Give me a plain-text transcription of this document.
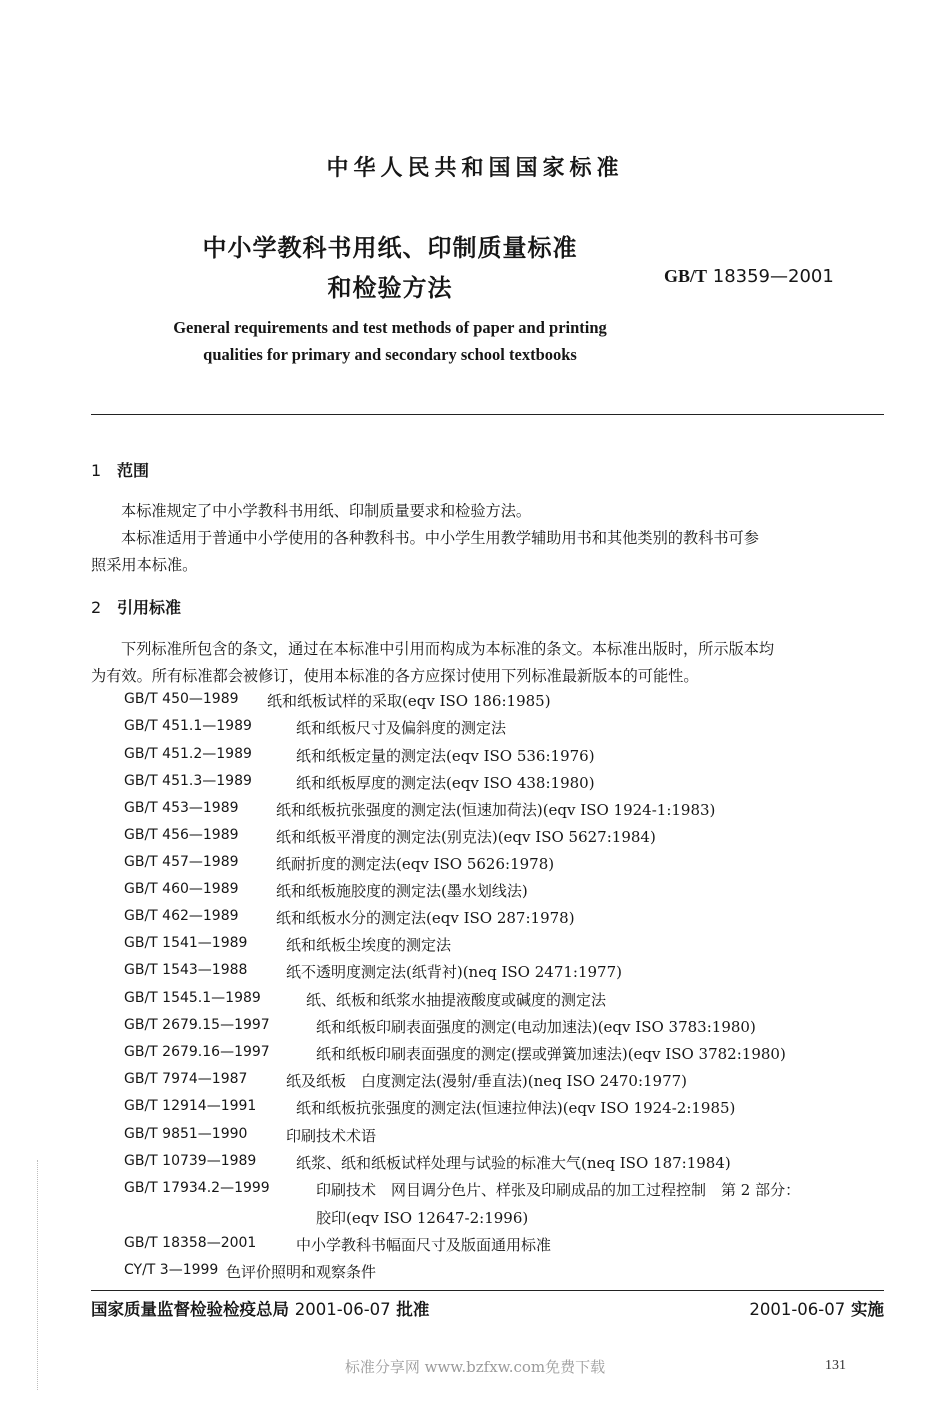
中华人民共和国国家标准
中小学教科书用纸、印制质量标准
和检验方法	GB/T 18359—2001
General requirements and test methods of paper and printing
qualities for primary and secondary school textbooks
1 范围
本标准规定了中小学教科书用纸、印制质量要求和检验方法。
本标准适用于普通中小学使用的各种教科书。中小学生用教学辅助用书和其他类别的教科书可参
照采用本标准。
2 引用标准
下列标准所包含的条文，通过在本标准中引用而构成为本标准的条文。本标准出版时，所示版本均
为有效。所有标准都会被修订，使用本标准的各方应探讨使用下列标准最新版本的可能性。
GB/T 450—1989 纸和纸板试样的采取(eqv ISO 186:1985)
GB/T 451.1—1989	纸和纸板尺寸及偏斜度的测定法
GB/T 451.2—1989	纸和纸板定量的测定法(eqv ISO 536:1976)
GB/T 451.3—1989	纸和纸板厚度的测定法(eqv ISO 438:1980)
GB/T 453—1989 纸和纸板抗张强度的测定法(恒速加荷法)(eqv ISO 1924-1:1983)
GB/T 456—1989 纸和纸板平滑度的测定法(别克法)(eqv ISO 5627:1984)
GB/T 457—1989 纸耐折度的测定法(eqv ISO 5626:1978)
GB/T 460—1989 纸和纸板施胶度的测定法(墨水划线法)
GB/T 462—1989 纸和纸板水分的测定法(eqv ISO 287:1978)
GB/T 1541—1989	纸和纸板尘埃度的测定法
GB/T 1543—1988	纸不透明度测定法(纸背衬)(neq ISO 2471:1977)
GB/T 1545.1—1989	纸、纸板和纸浆水抽提液酸度或碱度的测定法
GB/T 2679.15—1997	纸和纸板印刷表面强度的测定(电动加速法)(eqv ISO 3783:1980)
GB/T 2679.16—1997	纸和纸板印刷表面强度的测定(摆或弹簧加速法)(eqv ISO 3782:1980)
GB/T 7974—1987	纸及纸板　白度测定法(漫射/垂直法)(neq ISO 2470:1977)
GB/T 12914—1991	纸和纸板抗张强度的测定法(恒速拉伸法)(eqv ISO 1924-2:1985)
GB/T 9851—1990	印刷技术术语
GB/T 10739—1989	纸浆、纸和纸板试样处理与试验的标准大气(neq ISO 187:1984)
GB/T 17934.2—1999	印刷技术　网目调分色片、样张及印刷成品的加工过程控制　第 2 部分：
胶印(eqv ISO 12647-2:1996)
GB/T 18358—2001	中小学教科书幅面尺寸及版面通用标准
CY/T 3—1999 色评价照明和观察条件
国家质量监督检验检疫总局 2001-06-07 批准	2001-06-07 实施
标准分享网 www.bzfxw.com免费下载	131
